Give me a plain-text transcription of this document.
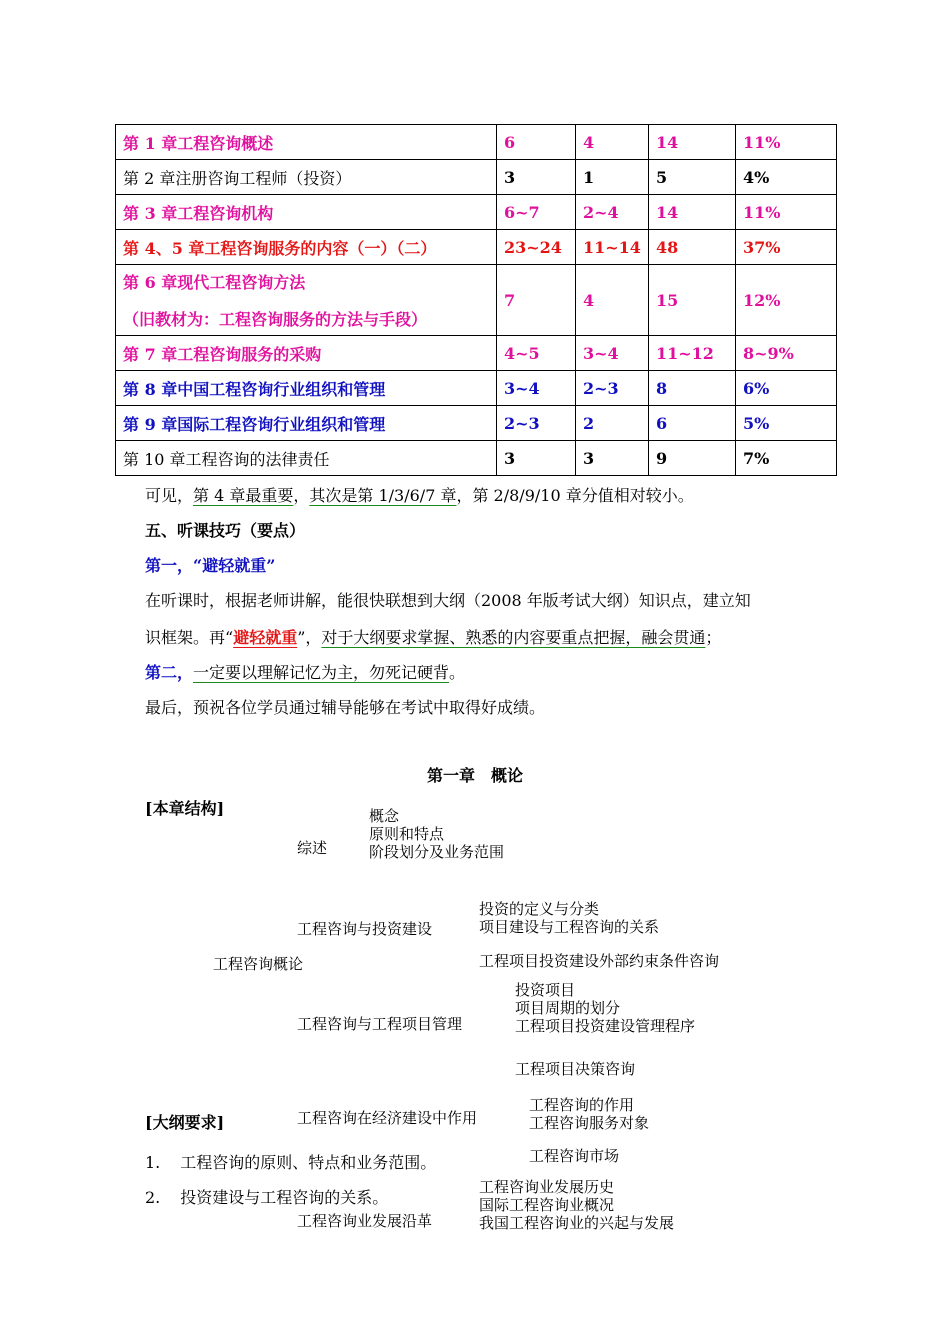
第 1 章工程咨询概述	6	4	14	11%

第 2 章注册咨询工程师（投资）	3	1	5	4%

第 3 章工程咨询机构	6~7	2~4	14	11%

第 4、5 章工程咨询服务的内容（一）（二）	23~24	11~14	48	37%

第 6 章现代工程咨询方法
（旧教材为：工程咨询服务的方法与手段）	7	4	15	12%

第 7 章工程咨询服务的采购	4~5	3~4	11~12	8~9%

第 8 章中国工程咨询行业组织和管理	3~4	2~3	8	6%

第 9 章国际工程咨询行业组织和管理	2~3	2	6	5%

第 10 章工程咨询的法律责任	3	3	9	7%
可见，第 4 章最重要，其次是第 1/3/6/7 章，第 2/8/9/10 章分值相对较小。
五、听课技巧（要点）
第一，“避轻就重”
在听课时，根据老师讲解，能很快联想到大纲（2008 年版考试大纲）知识点，建立知
识框架。再“避轻就重”，对于大纲要求掌握、熟悉的内容要重点把握，融会贯通；
第二，一定要以理解记忆为主，勿死记硬背。
最后，预祝各位学员通过辅导能够在考试中取得好成绩。
第一章　概论
[本章结构]	概念
原则和特点
阶段划分及业务范围
综述
投资的定义与分类
项目建设与工程咨询的关系
工程咨询与投资建设
工程咨询概论	工程项目投资建设外部约束条件咨询
投资项目
项目周期的划分
工程项目投资建设管理程序
工程咨询与工程项目管理
工程项目决策咨询
工程咨询的作用
工程咨询服务对象
工程咨询在经济建设中作用
[大纲要求]
工程咨询市场
1. 工程咨询的原则、特点和业务范围。
工程咨询业发展历史
2. 投资建设与工程咨询的关系。	国际工程咨询业概况
我国工程咨询业的兴起与发展
工程咨询业发展沿革
